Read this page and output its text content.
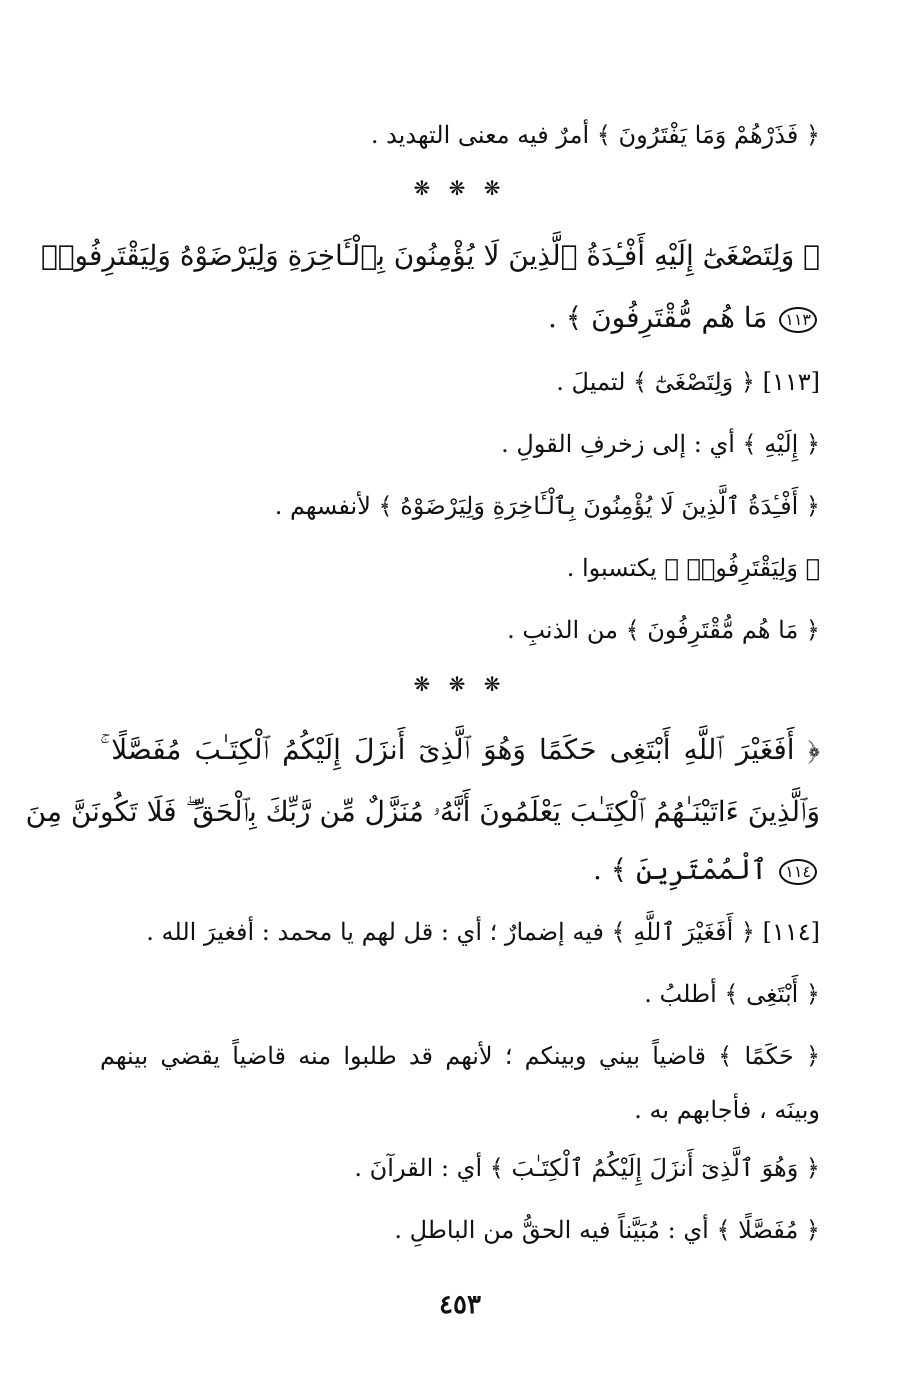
﴿ فَذَرْهُمْ وَمَا يَفْتَرُونَ ﴾ أمرٌ فيه معنى التهديد .
❋ ❋ ❋
﴿ وَلِتَصْغَىٰٓ إِلَيْهِ أَفْـِٔدَةُ ٱلَّذِينَ لَا يُؤْمِنُونَ بِٱلْـَٔاخِرَةِ وَلِيَرْضَوْهُ وَلِيَقْتَرِفُوا۟
١١٣ مَا هُم مُّقْتَرِفُونَ ﴾ .
[١١٣] ﴿ وَلِتَصْغَىٰٓ ﴾ لتميلَ .
﴿ إِلَيْهِ ﴾ أي : إلى زخرفِ القولِ .
﴿ أَفْـِٔدَةُ ٱلَّذِينَ لَا يُؤْمِنُونَ بِٱلْـَٔاخِرَةِ وَلِيَرْضَوْهُ ﴾ لأنفسهم .
﴿ وَلِيَقْتَرِفُوا۟ ﴾ يكتسبوا .
﴿ مَا هُم مُّقْتَرِفُونَ ﴾ من الذنبِ .
❋ ❋ ❋
﴿ أَفَغَيْرَ ٱللَّهِ أَبْتَغِى حَكَمًا وَهُوَ ٱلَّذِىٓ أَنزَلَ إِلَيْكُمُ ٱلْكِتَـٰبَ مُفَصَّلًا ۚ
وَٱلَّذِينَ ءَاتَيْنَـٰهُمُ ٱلْكِتَـٰبَ يَعْلَمُونَ أَنَّهُۥ مُنَزَّلٌ مِّن رَّبِّكَ بِٱلْحَقِّ ۖ فَلَا تَكُونَنَّ مِنَ
١١٤ ٱلْمُمْتَرِينَ ﴾ .
[١١٤] ﴿ أَفَغَيْرَ ٱللَّهِ ﴾ فيه إضمارٌ ؛ أي : قل لهم يا محمد : أفغيرَ الله .
﴿ أَبْتَغِى ﴾ أطلبُ .
﴿ حَكَمًا ﴾ قاضياً بيني وبينكم ؛ لأنهم قد طلبوا منه قاضياً يقضي بينهم
وبينَه ، فأجابهم به .
﴿ وَهُوَ ٱلَّذِىٓ أَنزَلَ إِلَيْكُمُ ٱلْكِتَـٰبَ ﴾ أي : القرآنَ .
﴿ مُفَصَّلًا ﴾ أي : مُبَيَّناً فيه الحقُّ من الباطلِ .
٤٥٣
